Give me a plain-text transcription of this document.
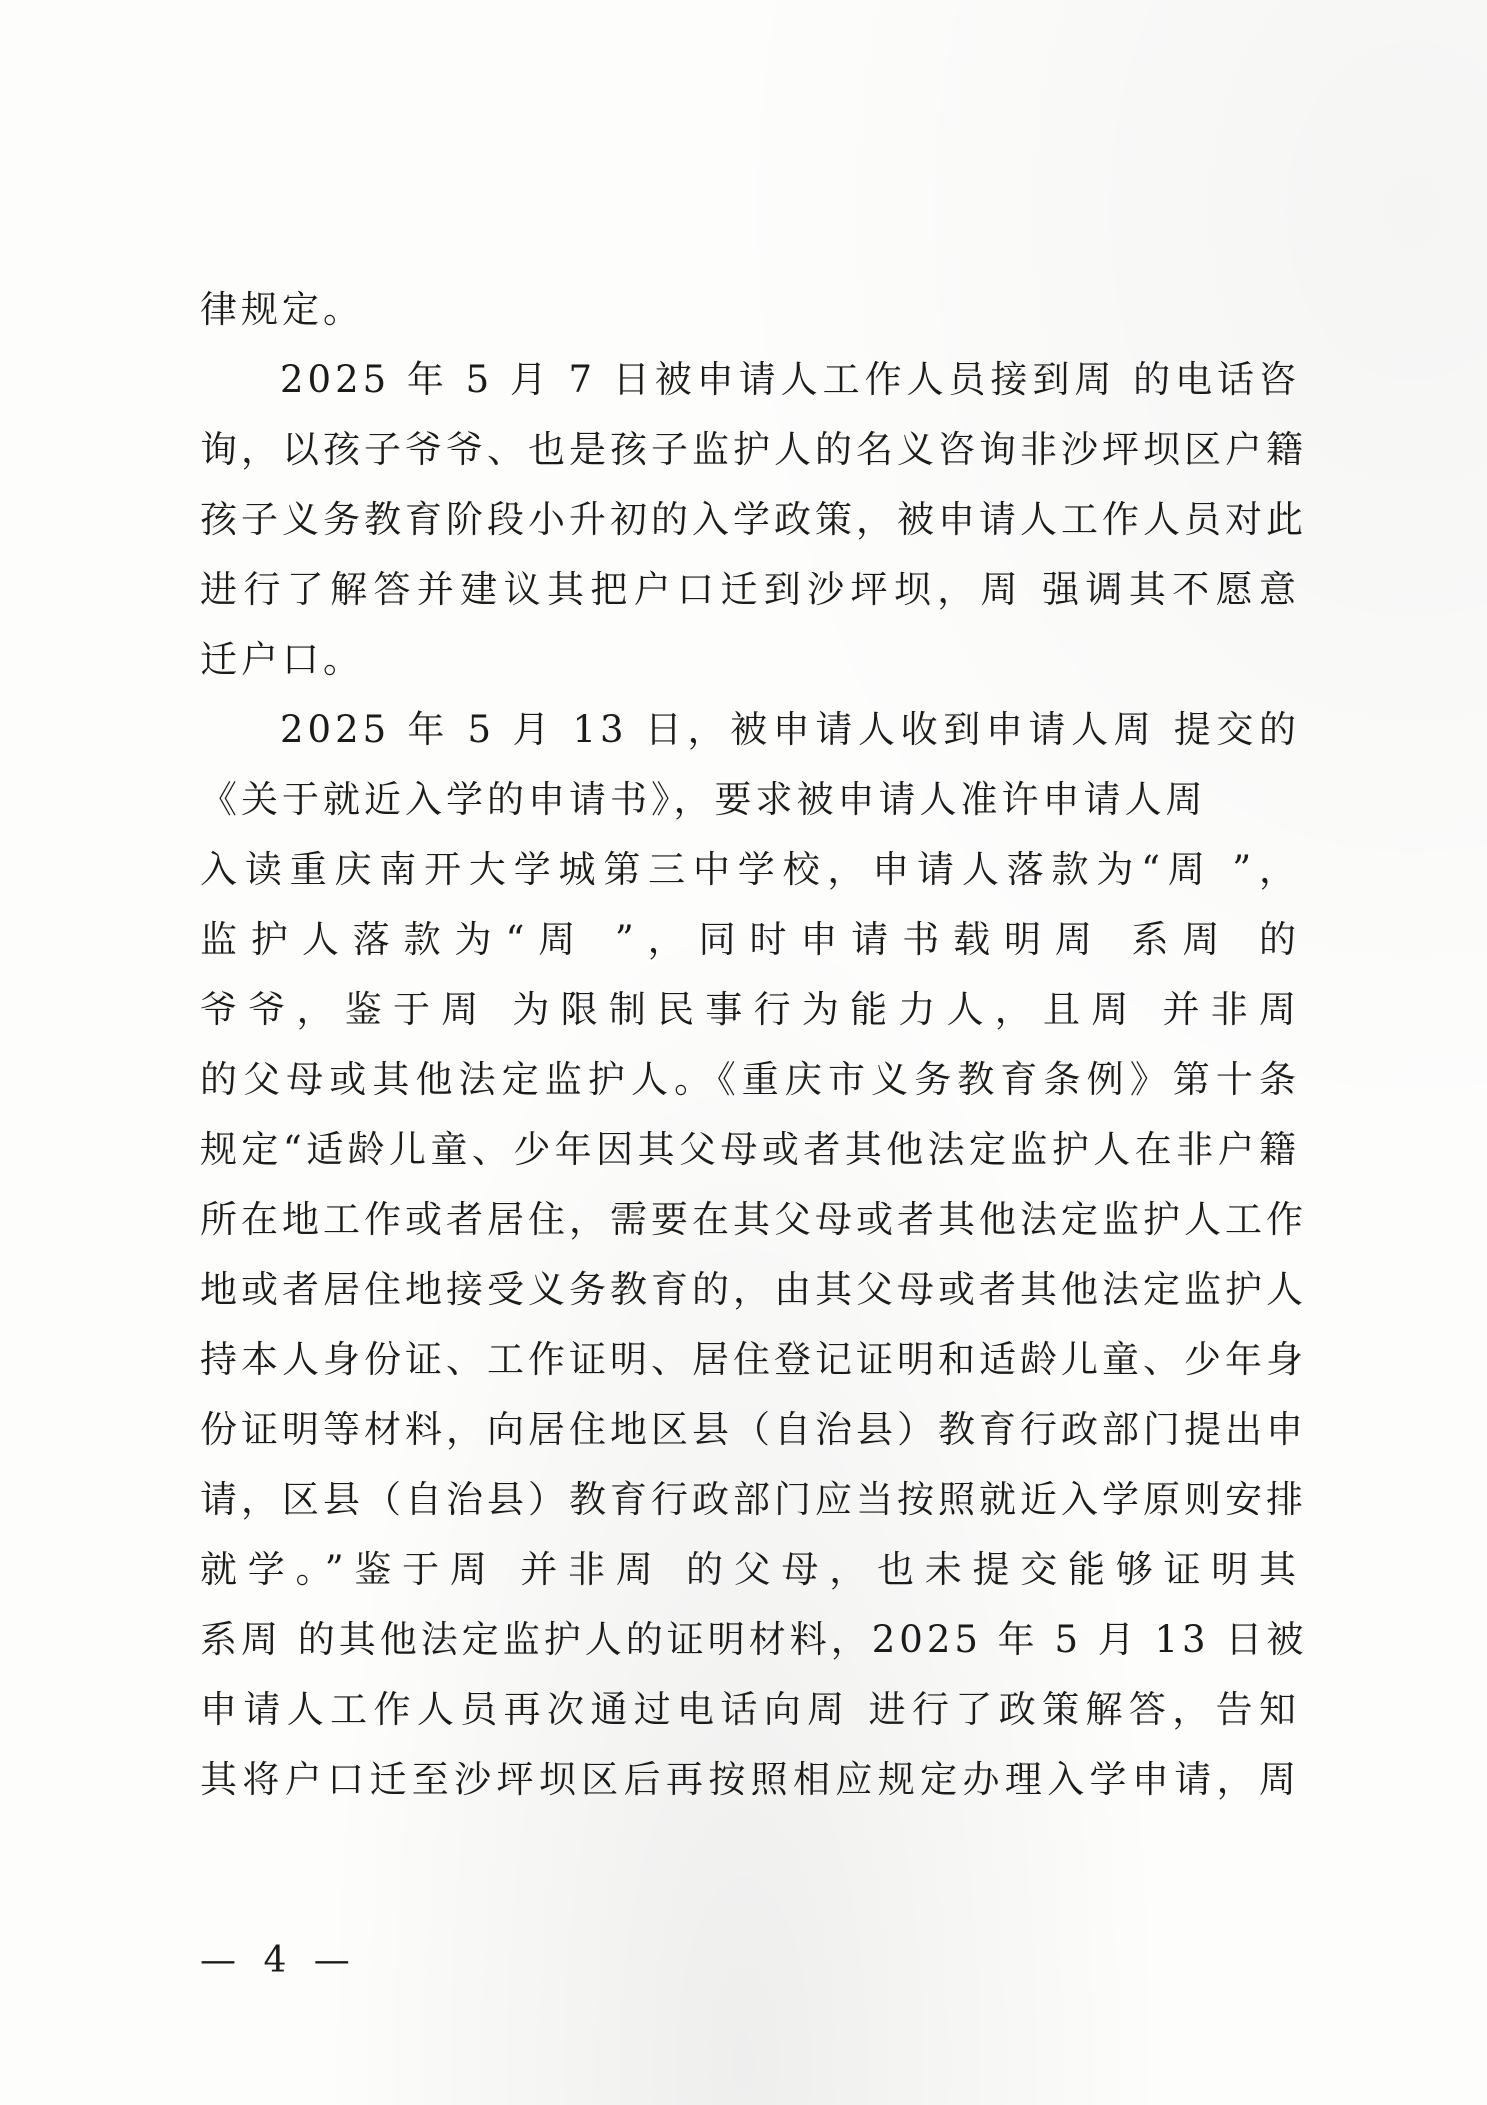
律规定。
2025 年 5 月 7 日被申请人工作人员接到周 的电话咨
询，以孩子爷爷、也是孩子监护人的名义咨询非沙坪坝区户籍
孩子义务教育阶段小升初的入学政策，被申请人工作人员对此
进行了解答并建议其把户口迁到沙坪坝，周 强调其不愿意
迁户口。
2025 年 5 月 13 日，被申请人收到申请人周 提交的
《关于就近入学的申请书》，要求被申请人准许申请人周
入读重庆南开大学城第三中学校，申请人落款为“周 ”，
监护人落款为“周 ”，同时申请书载明周 系周 的
爷爷，鉴于周 为限制民事行为能力人，且周 并非周
的父母或其他法定监护人。《重庆市义务教育条例》第十条
规定“适龄儿童、少年因其父母或者其他法定监护人在非户籍
所在地工作或者居住，需要在其父母或者其他法定监护人工作
地或者居住地接受义务教育的，由其父母或者其他法定监护人
持本人身份证、工作证明、居住登记证明和适龄儿童、少年身
份证明等材料，向居住地区县（自治县）教育行政部门提出申
请，区县（自治县）教育行政部门应当按照就近入学原则安排
就学。”鉴于周 并非周 的父母，也未提交能够证明其
系周 的其他法定监护人的证明材料，2025 年 5 月 13 日被
申请人工作人员再次通过电话向周 进行了政策解答，告知
其将户口迁至沙坪坝区后再按照相应规定办理入学申请，周
— 4 —
